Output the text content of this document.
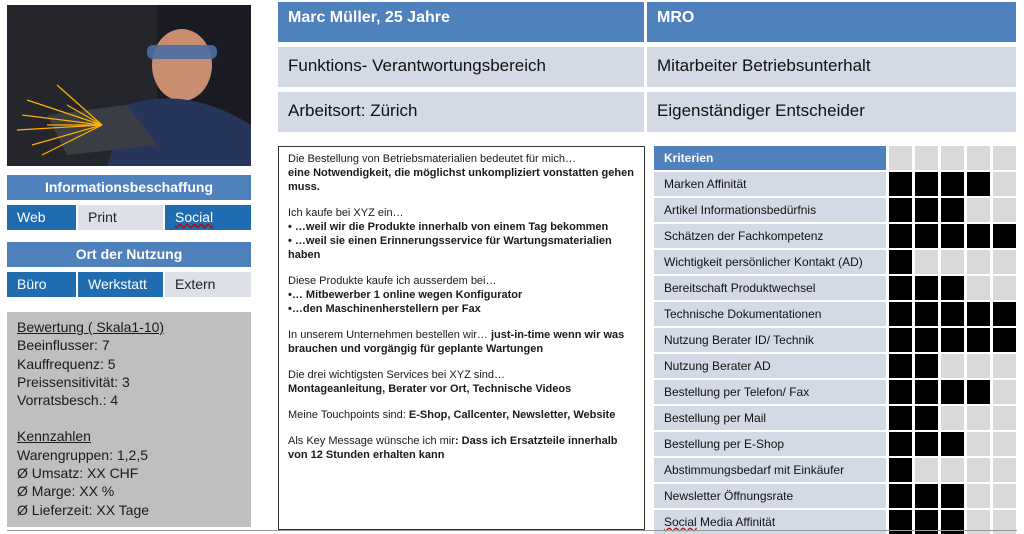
Informationsbeschaffung
Web	Print	Social
Ort der Nutzung
Büro	Werkstatt	Extern
Bewertung ( Skala1-10)
Beeinflusser: 7
Kauffrequenz: 5
Preissensitivität: 3
Vorratsbesch.: 4
Kennzahlen
Warengruppen: 1,2,5
Ø Umsatz: XX CHF
Ø Marge: XX %
Ø Lieferzeit: XX Tage
Marc Müller, 25 Jahre	MRO
Funktions- Verantwortungsbereich	Mitarbeiter Betriebsunterhalt
Arbeitsort: Zürich	Eigenständiger Entscheider

Die Bestellung von Betriebsmaterialien bedeutet für mich…
eine Notwendigkeit, die möglichst unkompliziert vonstatten gehen muss.

Ich kaufe bei XYZ ein…
• …weil wir die Produkte innerhalb von einem Tag bekommen
• …weil sie einen Erinnerungsservice für Wartungsmaterialien haben

Diese Produkte kaufe ich ausserdem bei…
•… Mitbewerber 1 online wegen Konfigurator
•…den Maschinenherstellern per Fax

In unserem Unternehmen bestellen wir… just-in-time wenn wir was brauchen und vorgängig für geplante Wartungen

Die drei wichtigsten Services bei XYZ sind…
Montageanleitung, Berater vor Ort, Technische Videos

Meine Touchpoints sind: E-Shop, Callcenter, Newsletter, Website

Als Key Message wünsche ich mir: Dass ich Ersatzteile innerhalb von 12 Stunden erhalten kann

Kriterien
Marken Affinität
Artikel Informationsbedürfnis
Schätzen der Fachkompetenz
Wichtigkeit persönlicher Kontakt (AD)
Bereitschaft Produktwechsel
Technische Dokumentationen
Nutzung Berater ID/ Technik
Nutzung Berater AD
Bestellung per Telefon/ Fax
Bestellung per Mail
Bestellung per E-Shop
Abstimmungsbedarf mit Einkäufer
Newsletter Öffnungsrate
Social Media Affinität
